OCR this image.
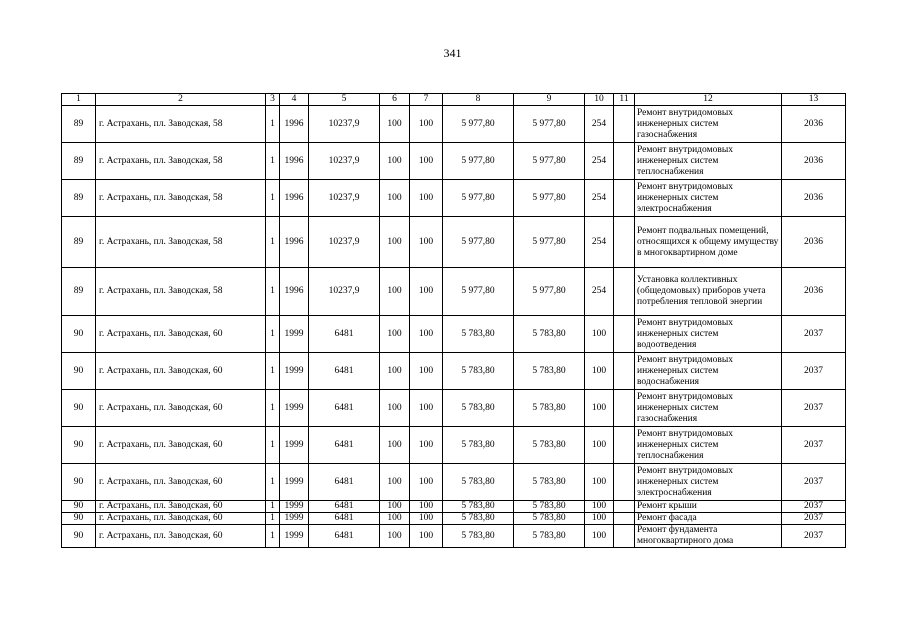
341
1	2	3	4	5	6	7	8	9	10	11	12	13
89	г. Астрахань, пл. Заводская, 58	1	1996	10237,9	100	100	5 977,80	5 977,80	254		Ремонт внутридомовых инженерных систем газоснабжения	2036
89	г. Астрахань, пл. Заводская, 58	1	1996	10237,9	100	100	5 977,80	5 977,80	254		Ремонт внутридомовых инженерных систем теплоснабжения	2036
89	г. Астрахань, пл. Заводская, 58	1	1996	10237,9	100	100	5 977,80	5 977,80	254		Ремонт внутридомовых инженерных систем электроснабжения	2036
89	г. Астрахань, пл. Заводская, 58	1	1996	10237,9	100	100	5 977,80	5 977,80	254		Ремонт подвальных помещений, относящихся к общему имуществу в многоквартирном доме	2036
89	г. Астрахань, пл. Заводская, 58	1	1996	10237,9	100	100	5 977,80	5 977,80	254		Установка коллективных (общедомовых) приборов учета потребления тепловой энергии	2036
90	г. Астрахань, пл. Заводская, 60	1	1999	6481	100	100	5 783,80	5 783,80	100		Ремонт внутридомовых инженерных систем водоотведения	2037
90	г. Астрахань, пл. Заводская, 60	1	1999	6481	100	100	5 783,80	5 783,80	100		Ремонт внутридомовых инженерных систем водоснабжения	2037
90	г. Астрахань, пл. Заводская, 60	1	1999	6481	100	100	5 783,80	5 783,80	100		Ремонт внутридомовых инженерных систем газоснабжения	2037
90	г. Астрахань, пл. Заводская, 60	1	1999	6481	100	100	5 783,80	5 783,80	100		Ремонт внутридомовых инженерных систем теплоснабжения	2037
90	г. Астрахань, пл. Заводская, 60	1	1999	6481	100	100	5 783,80	5 783,80	100		Ремонт внутридомовых инженерных систем электроснабжения	2037
90	г. Астрахань, пл. Заводская, 60	1	1999	6481	100	100	5 783,80	5 783,80	100		Ремонт крыши	2037
90	г. Астрахань, пл. Заводская, 60	1	1999	6481	100	100	5 783,80	5 783,80	100		Ремонт фасада	2037
90	г. Астрахань, пл. Заводская, 60	1	1999	6481	100	100	5 783,80	5 783,80	100		Ремонт фундамента многоквартирного дома	2037
